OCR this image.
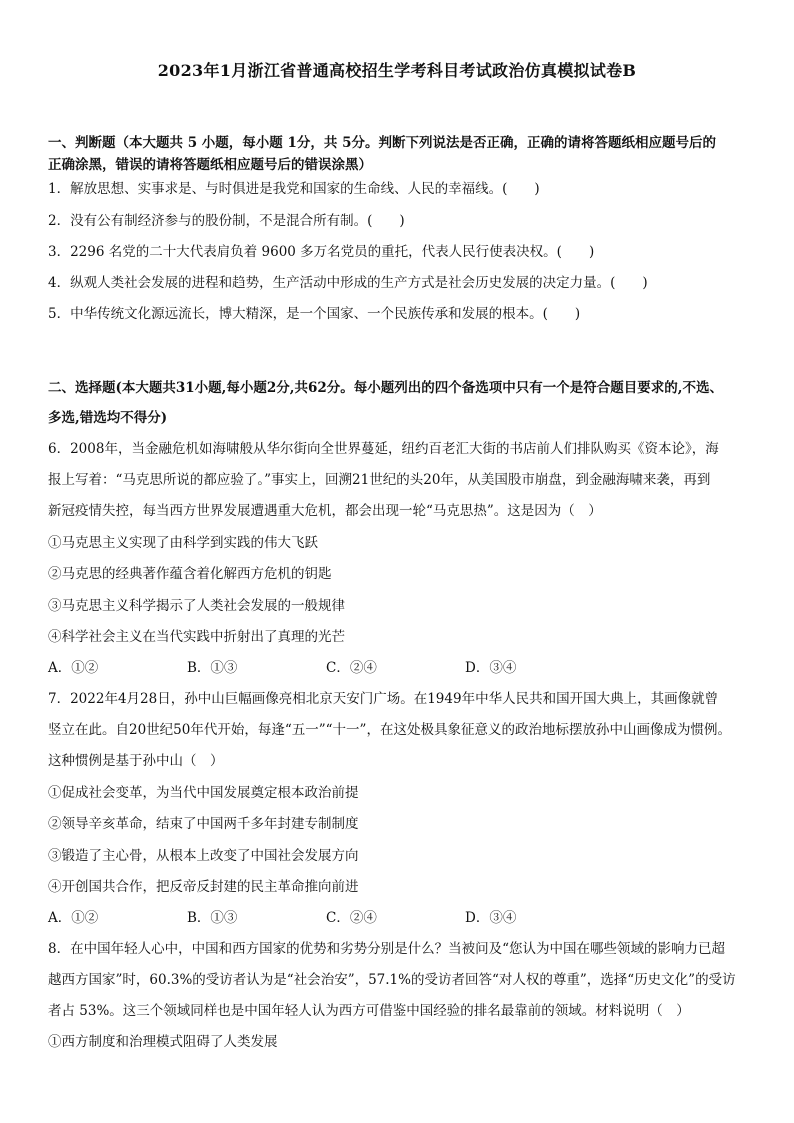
2023年1月浙江省普通高校招生学考科目考试政治仿真模拟试卷B
一、判断题（本大题共 5 小题，每小题 1分，共 5分。判断下列说法是否正确，正确的请将答题纸相应题号后的
正确涂黑，错误的请将答题纸相应题号后的错误涂黑）
1．解放思想、实事求是、与时俱进是我党和国家的生命线、人民的幸福线。(　　)
2．没有公有制经济参与的股份制，不是混合所有制。(　　)
3．2296 名党的二十大代表肩负着 9600 多万名党员的重托，代表人民行使表决权。(　　)
4．纵观人类社会发展的进程和趋势，生产活动中形成的生产方式是社会历史发展的决定力量。(　　)
5．中华传统文化源远流长，博大精深，是一个国家、一个民族传承和发展的根本。(　　)
二、选择题(本大题共31小题,每小题2分,共62分。每小题列出的四个备选项中只有一个是符合题目要求的,不选、
多选,错选均不得分)
6．2008年，当金融危机如海啸般从华尔街向全世界蔓延，纽约百老汇大街的书店前人们排队购买《资本论》，海
报上写着：“马克思所说的都应验了。”事实上，回溯21世纪的头20年，从美国股市崩盘，到金融海啸来袭，再到
新冠疫情失控，每当西方世界发展遭遇重大危机，都会出现一轮“马克思热”。这是因为（　）
①马克思主义实现了由科学到实践的伟大飞跃
②马克思的经典著作蕴含着化解西方危机的钥匙
③马克思主义科学揭示了人类社会发展的一般规律
④科学社会主义在当代实践中折射出了真理的光芒
A．①②	B．①③	C．②④	D．③④
7．2022年4月28日，孙中山巨幅画像亮相北京天安门广场。在1949年中华人民共和国开国大典上，其画像就曾
竖立在此。自20世纪50年代开始，每逢“五一”“十一”，在这处极具象征意义的政治地标摆放孙中山画像成为惯例。
这种惯例是基于孙中山（　）
①促成社会变革，为当代中国发展奠定根本政治前提
②领导辛亥革命，结束了中国两千多年封建专制制度
③锻造了主心骨，从根本上改变了中国社会发展方向
④开创国共合作，把反帝反封建的民主革命推向前进
A．①②	B．①③	C．②④	D．③④
8．在中国年轻人心中，中国和西方国家的优势和劣势分别是什么？当被问及“您认为中国在哪些领域的影响力已超
越西方国家”时，60.3%的受访者认为是“社会治安”，57.1%的受访者回答“对人权的尊重”，选择“历史文化”的受访
者占 53%。这三个领域同样也是中国年轻人认为西方可借鉴中国经验的排名最靠前的领域。材料说明（　）
①西方制度和治理模式阻碍了人类发展
